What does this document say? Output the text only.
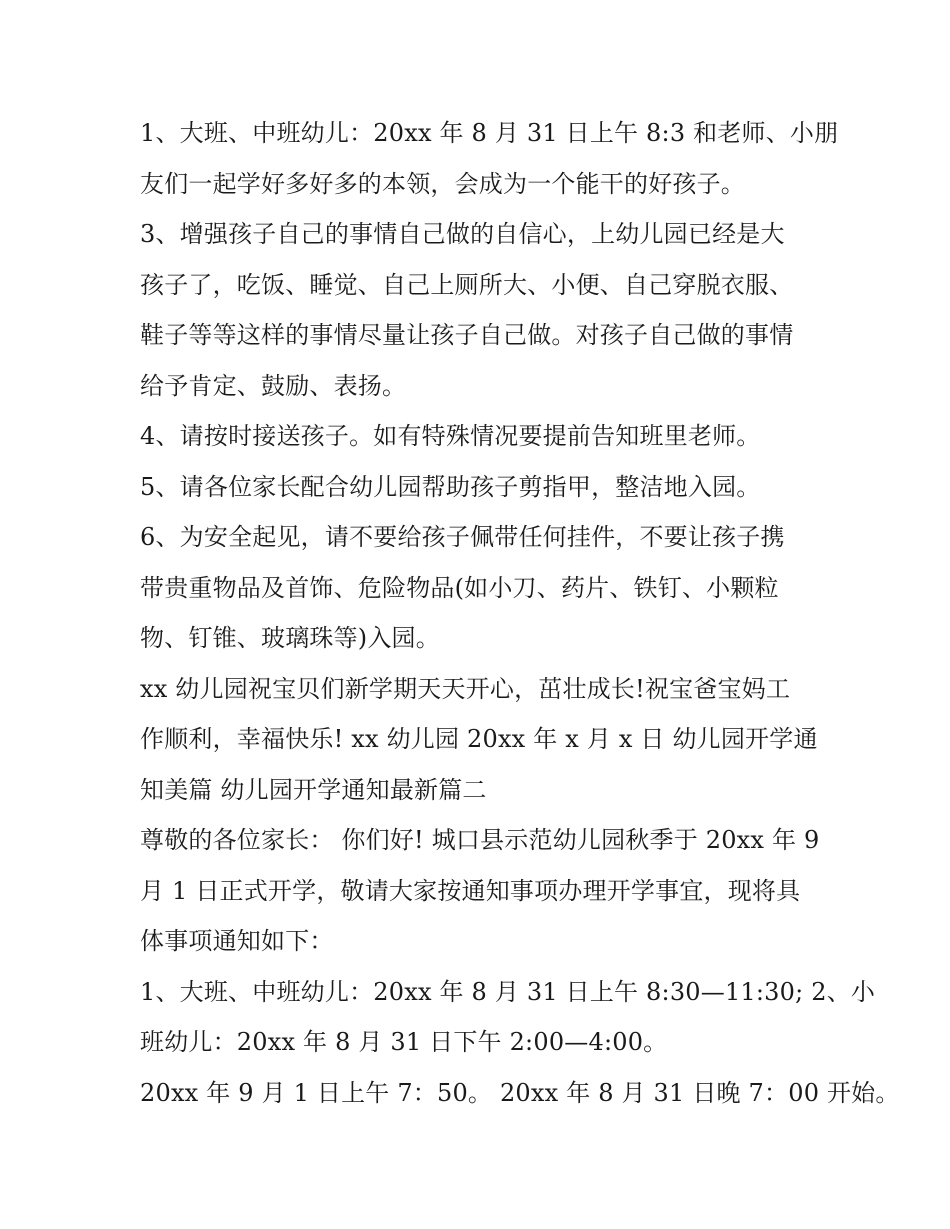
1、大班、中班幼儿：20xx 年 8 月 31 日上午 8:3 和老师、小朋

友们一起学好多好多的本领，会成为一个能干的好孩子。

3、增强孩子自己的事情自己做的自信心，上幼儿园已经是大

孩子了，吃饭、睡觉、自己上厕所大、小便、自己穿脱衣服、

鞋子等等这样的事情尽量让孩子自己做。对孩子自己做的事情

给予肯定、鼓励、表扬。

4、请按时接送孩子。如有特殊情况要提前告知班里老师。

5、请各位家长配合幼儿园帮助孩子剪指甲，整洁地入园。

6、为安全起见，请不要给孩子佩带任何挂件，不要让孩子携

带贵重物品及首饰、危险物品(如小刀、药片、铁钉、小颗粒

物、钉锥、玻璃珠等)入园。

xx 幼儿园祝宝贝们新学期天天开心，茁壮成长!祝宝爸宝妈工

作顺利，幸福快乐! xx 幼儿园 20xx 年 x 月 x 日 幼儿园开学通

知美篇 幼儿园开学通知最新篇二

尊敬的各位家长： 你们好! 城口县示范幼儿园秋季于 20xx 年 9

月 1 日正式开学，敬请大家按通知事项办理开学事宜，现将具

体事项通知如下：

1、大班、中班幼儿：20xx 年 8 月 31 日上午 8:30—11:30; 2、小

班幼儿：20xx 年 8 月 31 日下午 2:00—4:00。

20xx 年 9 月 1 日上午 7：50。 20xx 年 8 月 31 日晚 7：00 开始。
